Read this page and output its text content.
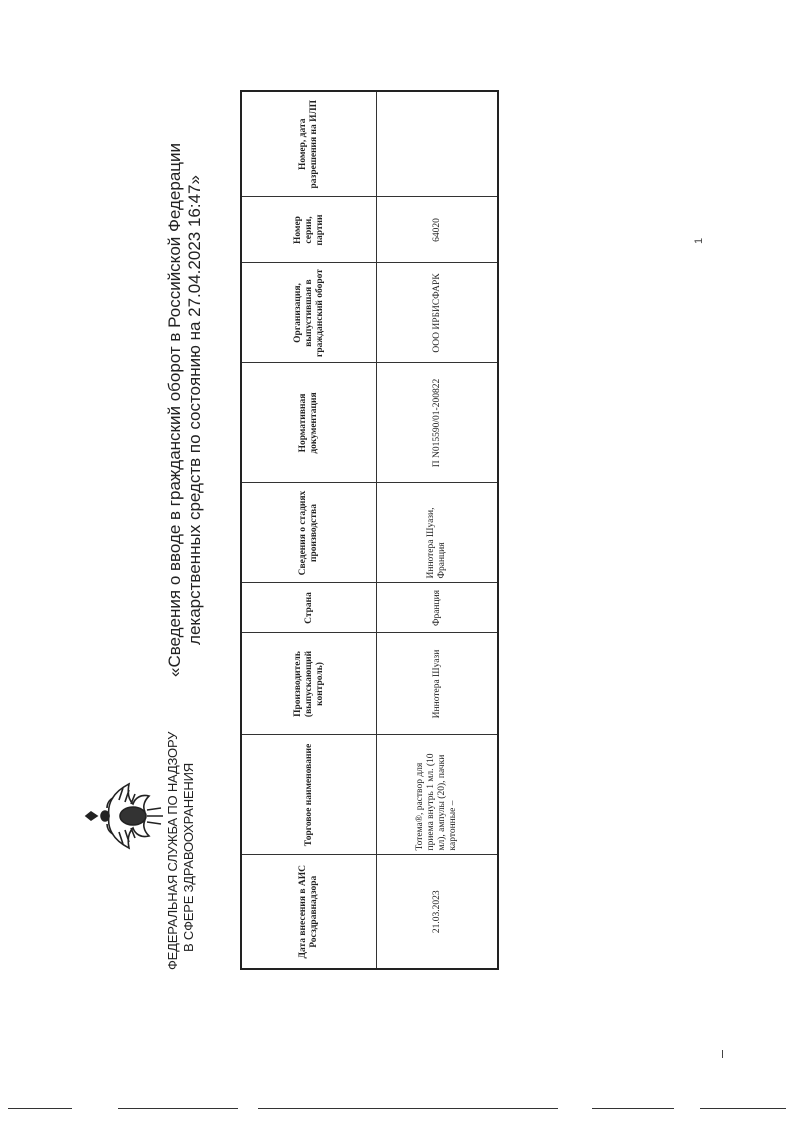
ФЕДЕРАЛЬНАЯ СЛУЖБА ПО НАДЗОРУ В СФЕРЕ ЗДРАВООХРАНЕНИЯ
«Сведения о вводе в гражданский оборот в Российской Федерации лекарственных средств по состоянию на 27.04.2023 16:47»
Дата внесения в АИС Росздравнадзора	Торговое наименование	Производитель (выпускающий контроль)	Страна	Сведения о стадиях производства	Нормативная документация	Организация, выпустившая в гражданский оборот	Номер серии, партии	Номер, дата разрешения на ИЛП
21.03.2023	Тотема®, раствор для приема внутрь 1 мл. (10 мл), ампулы (20), пачки картонные –	Иннотера Шуази	Франция	Иннотера Шуази, Франция	П N015590/01-200822	ООО ИРБИСФАРК	64020		1
